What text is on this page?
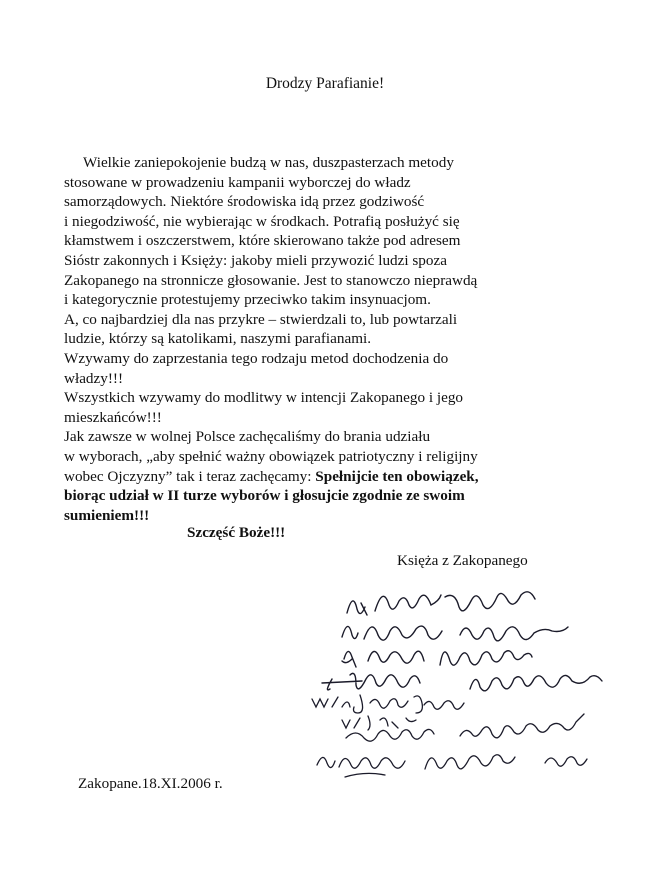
Drodzy Parafianie!
Wielkie zaniepokojenie budzą w nas, duszpasterzach metody
stosowane w prowadzeniu kampanii wyborczej do władz
samorządowych. Niektóre środowiska idą przez godziwość
i niegodziwość, nie wybierając w środkach. Potrafią posłużyć się
kłamstwem i oszczerstwem, które skierowano także pod adresem
Sióstr zakonnych i Księży: jakoby mieli przywozić ludzi spoza
Zakopanego na stronnicze głosowanie. Jest to stanowczo nieprawdą
i kategorycznie protestujemy przeciwko takim insynuacjom.
A, co najbardziej dla nas przykre – stwierdzali to, lub powtarzali
ludzie, którzy są katolikami, naszymi parafianami.
Wzywamy do zaprzestania tego rodzaju metod dochodzenia do
władzy!!!
Wszystkich wzywamy do modlitwy w intencji Zakopanego i jego
mieszkańców!!!
Jak zawsze w wolnej Polsce zachęcaliśmy do brania udziału
w wyborach, „aby spełnić ważny obowiązek patriotyczny i religijny
wobec Ojczyzny” tak i teraz zachęcamy: Spełnijcie ten obowiązek,
biorąc udział w II turze wyborów i głosujcie zgodnie ze swoim
sumieniem!!!
Szczęść Boże!!!
Księża z Zakopanego
Zakopane.18.XI.2006 r.
